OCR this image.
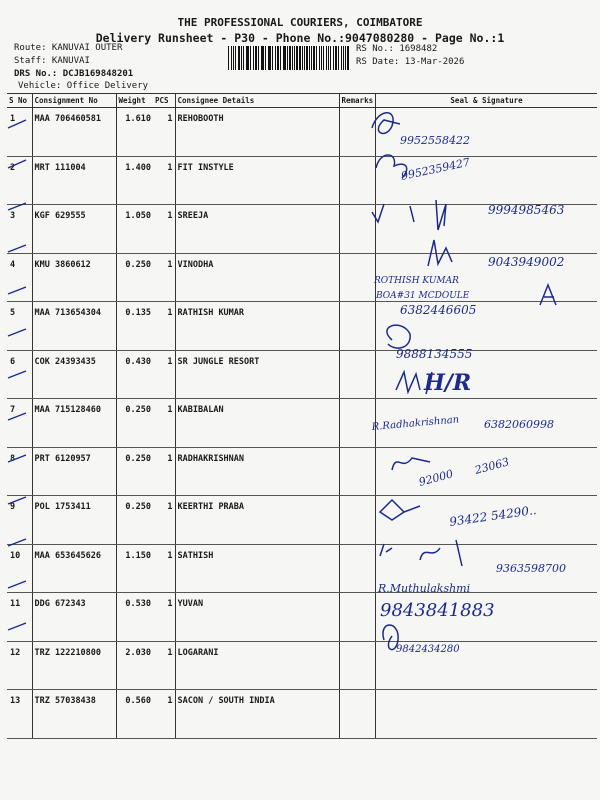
THE PROFESSIONAL COURIERS, COIMBATORE
Delivery Runsheet - P30 - Phone No.:9047080280 - Page No.:1
Route: KANUVAI OUTER
Staff: KANUVAI
DRS No.: DCJB169848201
Vehicle: Office Delivery
RS No.: 1698482
RS Date: 13-Mar-2026
S No	Consignment No	Weight	PCS	Consignee Details	Remarks	Seal & Signature
1	MAA 706460581	1.610	1	REHOBOOTH		
2	MRT 111004	1.400	1	FIT INSTYLE		
3	KGF 629555	1.050	1	SREEJA		
4	KMU 3860612	0.250	1	VINODHA		
5	MAA 713654304	0.135	1	RATHISH KUMAR		
6	COK 24393435	0.430	1	SR JUNGLE RESORT		
7	MAA 715128460	0.250	1	KABIBALAN		
8	PRT 6120957	0.250	1	RADHAKRISHNAN		
9	POL 1753411	0.250	1	KEERTHI PRABA		
10	MAA 653645626	1.150	1	SATHISH		
11	DDG 672343	0.530	1	YUVAN		
12	TRZ 122210800	2.030	1	LOGARANI		
13	TRZ 57038438	0.560	1	SACON / SOUTH INDIA		
9952558422
9952359427
9994985463
9043949002
ROTHISH KUMAR
BOA#31 MCDOULE
6382446605
9888134555
H/R
R.Radhakrishnan 6382060998
92000
23063
93422 54290..
9363598700
R.Muthulakshmi
9843841883
9842434280
